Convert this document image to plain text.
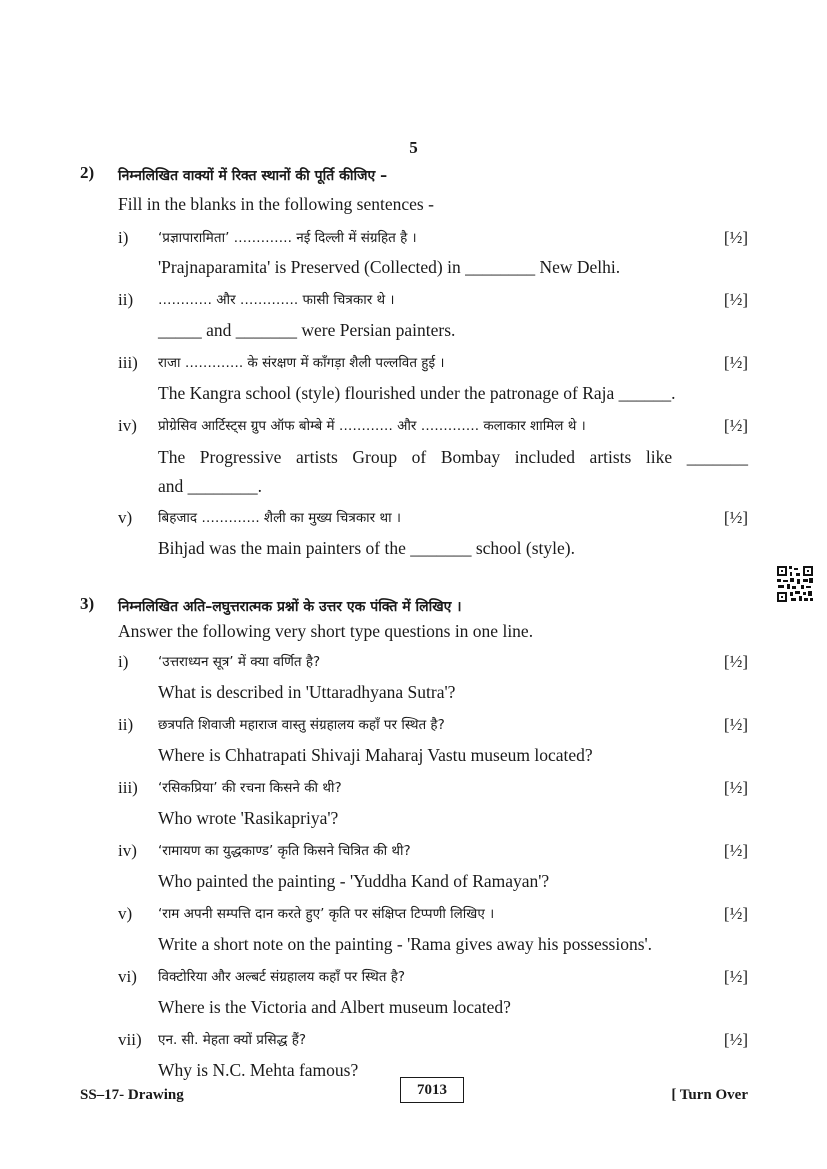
5
2)	निम्नलिखित वाक्यों में रिक्त स्थानों की पूर्ति कीजिए –
Fill in the blanks in the following sentences -
i) ‘प्रज्ञापारामिता’ …………. नई दिल्ली में संग्रहित है ।	[½]
'Prajnaparamita' is Preserved (Collected) in ________ New Delhi.
ii) ………… और …………. फासी चित्रकार थे ।	[½]
_____ and _______ were Persian painters.
iii) राजा …………. के संरक्षण में काँगड़ा शैली पल्लवित हुई ।	[½]
The Kangra school (style) flourished under the patronage of Raja ______.
iv) प्रोग्रेसिव आर्टिस्ट्स ग्रुप ऑफ बोम्बे में ………… और …………. कलाकार शामिल थे ।	[½]
The Progressive artists Group of Bombay included artists like _______
and ________.
v) बिहजाद …………. शैली का मुख्य चित्रकार था ।	[½]
Bihjad was the main painters of the _______ school (style).
3)	निम्नलिखित अति–लघुत्तरात्मक प्रश्नों के उत्तर एक पंक्ति में लिखिए ।
Answer the following very short type questions in one line.
i) ‘उत्तराध्यन सूत्र’ में क्या वर्णित है?	[½]
What is described in 'Uttaradhyana Sutra'?
ii) छत्रपति शिवाजी महाराज वास्तु संग्रहालय कहाँ पर स्थित है?	[½]
Where is Chhatrapati Shivaji Maharaj Vastu museum located?
iii) ‘रसिकप्रिया’ की रचना किसने की थी?	[½]
Who wrote 'Rasikapriya'?
iv) ‘रामायण का युद्धकाण्ड’ कृति किसने चित्रित की थी?	[½]
Who painted the painting - 'Yuddha Kand of Ramayan'?
v) ‘राम अपनी सम्पत्ति दान करते हुए’ कृति पर संक्षिप्त टिप्पणी लिखिए ।	[½]
Write a short note on the painting - 'Rama gives away his possessions'.
vi) विक्टोरिया और अल्बर्ट संग्रहालय कहाँ पर स्थित है?	[½]
Where is the Victoria and Albert museum located?
vii) एन. सी. मेहता क्यों प्रसिद्ध हैं?	[½]
Why is N.C. Mehta famous?
SS–17- Drawing	7013	[ Turn Over
